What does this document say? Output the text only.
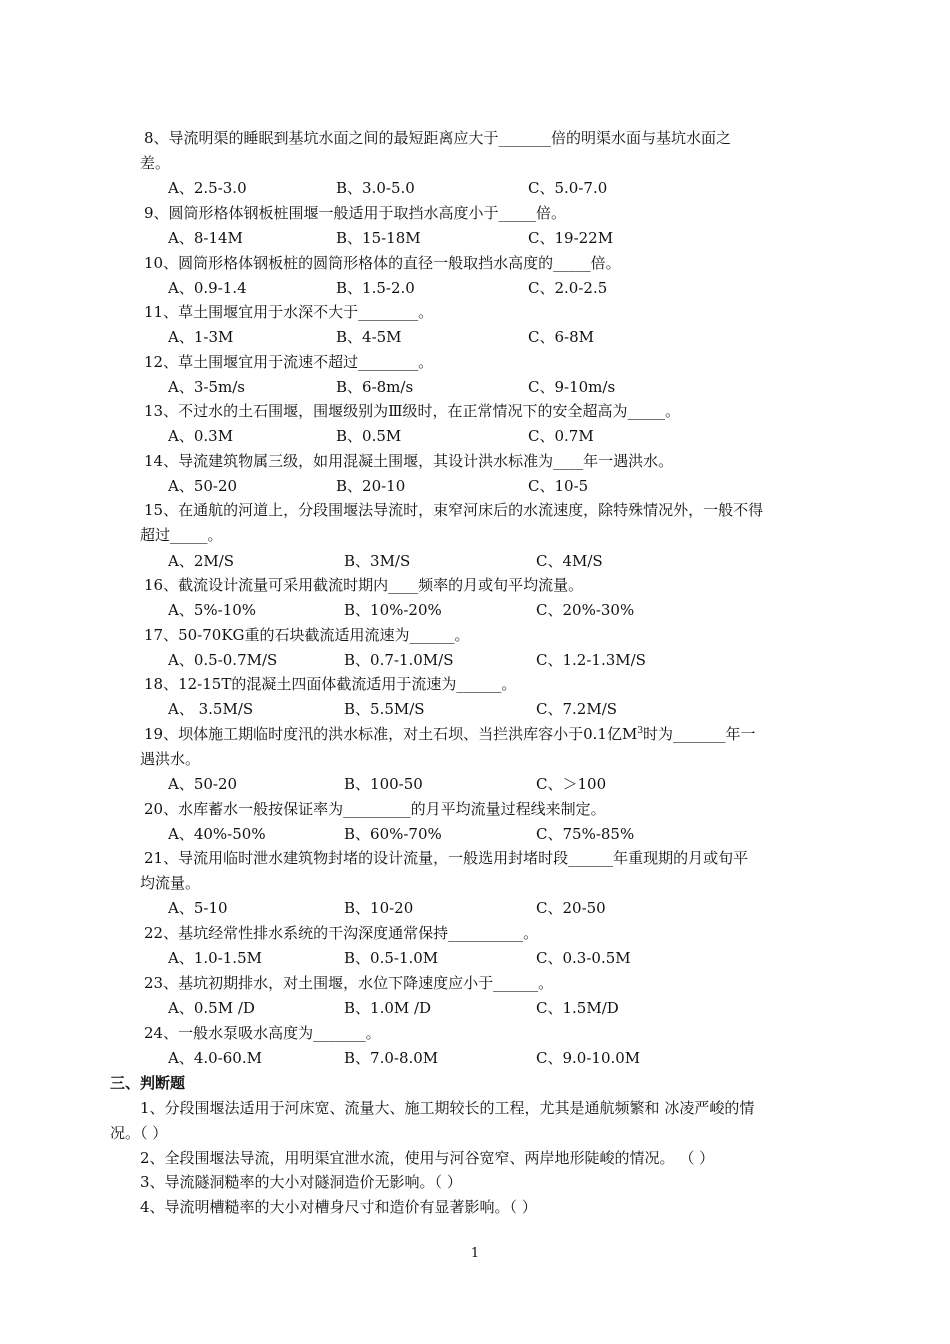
8、导流明渠的睡眠到基坑水面之间的最短距离应大于_______倍的明渠水面与基坑水面之
差。
A、2.5-3.0	B、3.0-5.0	C、5.0-7.0
9、圆筒形格体钢板桩围堰一般适用于取挡水高度小于_____倍。
A、8-14M	B、15-18M	C、19-22M
10、圆筒形格体钢板桩的圆筒形格体的直径一般取挡水高度的_____倍。
A、0.9-1.4	B、1.5-2.0	C、2.0-2.5
11、草土围堰宜用于水深不大于________。
A、1-3M	B、4-5M	C、6-8M
12、草土围堰宜用于流速不超过________。
A、3-5m/s	B、6-8m/s	C、9-10m/s
13、不过水的土石围堰，围堰级别为Ⅲ级时，在正常情况下的安全超高为_____。
A、0.3M	B、0.5M	C、0.7M
14、导流建筑物属三级，如用混凝土围堰，其设计洪水标准为____年一遇洪水。
A、50-20	B、20-10	C、10-5
15、在通航的河道上，分段围堰法导流时，束窄河床后的水流速度，除特殊情况外，一般不得
超过_____。
A、2M/S	B、3M/S	C、4M/S
16、截流设计流量可采用截流时期内____频率的月或旬平均流量。
A、5%-10%	B、10%-20%	C、20%-30%
17、50-70KG重的石块截流适用流速为______。
A、0.5-0.7M/S	B、0.7-1.0M/S	C、1.2-1.3M/S
18、12-15T的混凝土四面体截流适用于流速为______。
A、 3.5M/S	B、5.5M/S	C、7.2M/S
19、坝体施工期临时度汛的洪水标准，对土石坝、当拦洪库容小于0.1亿$M^3$时为_______年一
遇洪水。
A、50-20	B、100-50	C、＞100
20、水库蓄水一般按保证率为_________的月平均流量过程线来制定。
A、40%-50%	B、60%-70%	C、75%-85%
21、导流用临时泄水建筑物封堵的设计流量，一般选用封堵时段______年重现期的月或旬平
均流量。
A、5-10	B、10-20	C、20-50
22、基坑经常性排水系统的干沟深度通常保持__________。
A、1.0-1.5M	B、0.5-1.0M	C、0.3-0.5M
23、基坑初期排水，对土围堰，水位下降速度应小于______。
A、0.5M /D	B、1.0M /D	C、1.5M/D
24、一般水泵吸水高度为_______。
A、4.0-60.M	B、7.0-8.0M	C、9.0-10.0M
三、判断题
1、分段围堰法适用于河床宽、流量大、施工期较长的工程，尤其是通航频繁和 冰凌严峻的情
况。（ ）
2、全段围堰法导流，用明渠宜泄水流，使用与河谷宽窄、两岸地形陡峻的情况。 （ ）
3、导流隧洞糙率的大小对隧洞造价无影响。（ ）
4、导流明槽糙率的大小对槽身尺寸和造价有显著影响。（ ）
1
